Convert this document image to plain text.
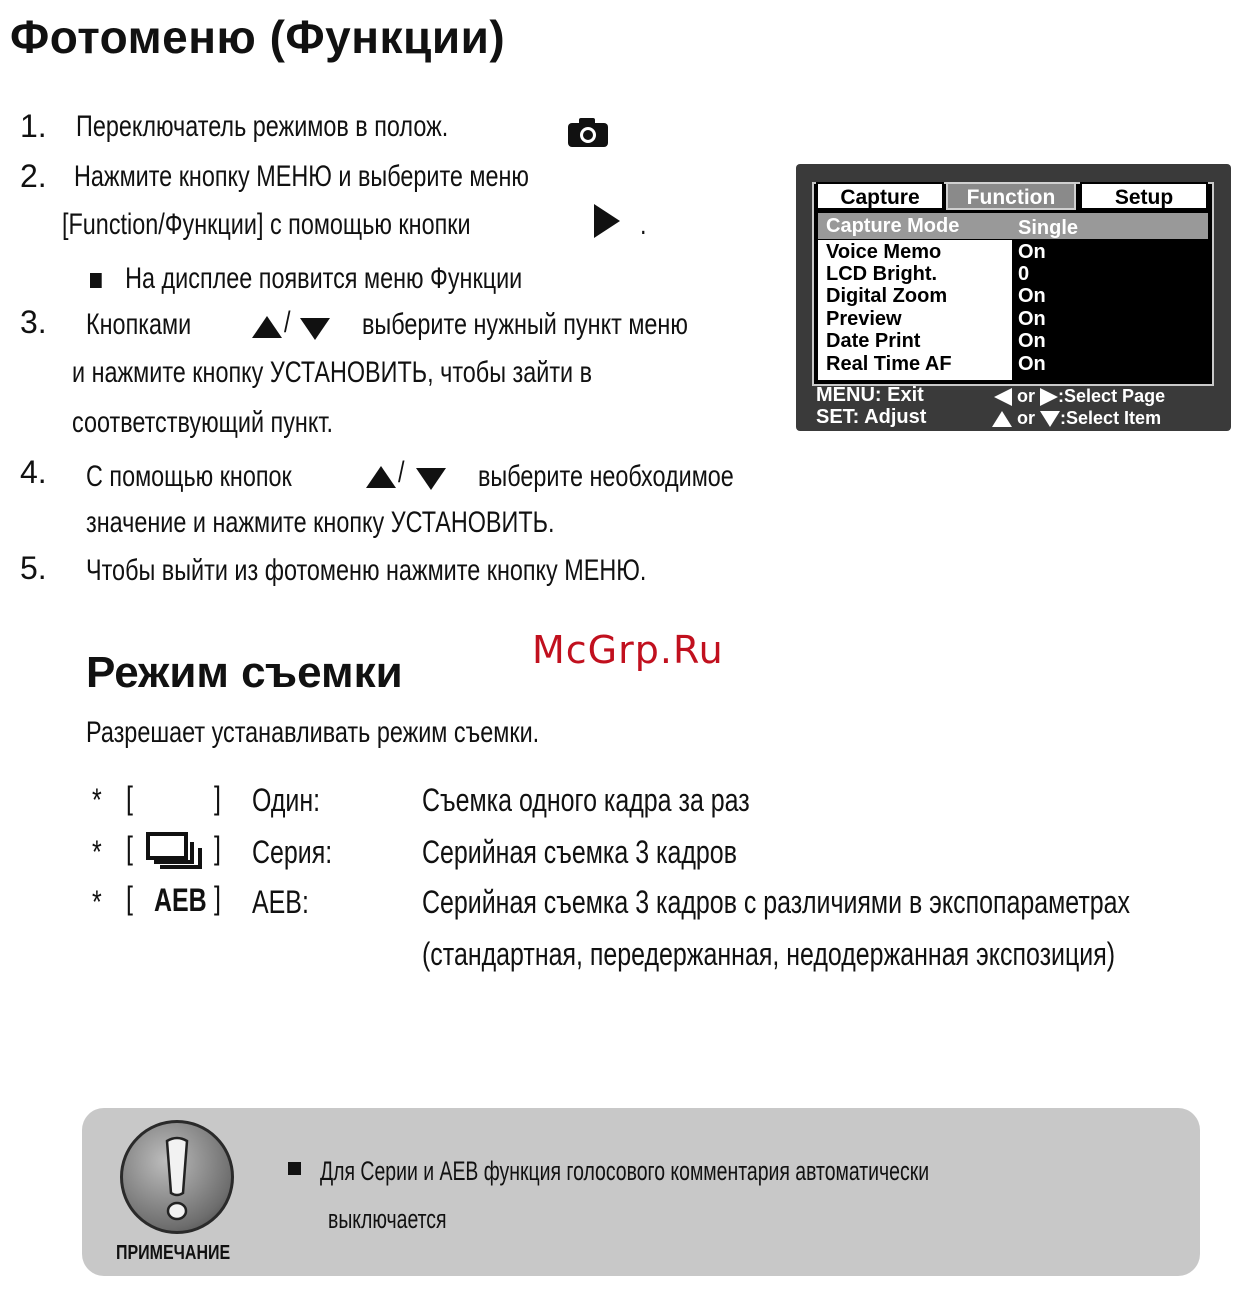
Фотоменю (Функции)
1. Переключатель режимов в полож.
2. Нажмите кнопку МЕНЮ и выберите меню
[Function/Функции] с помощью кнопки	.
На дисплее появится меню Функции
3. Кнопками	/ выберите нужный пункт меню
и нажмите кнопку УСТАНОВИТЬ, чтобы зайти в
соответствующий пункт.
4. С помощью кнопок	/ выберите необходимое
значение и нажмите кнопку УСТАНОВИТЬ.
5. Чтобы выйти из фотоменю нажмите кнопку МЕНЮ.
Capture	Function	Setup
Capture Mode	Single
Voice Memo	On
LCD Bright.	0
Digital Zoom	On
Preview	On
Date Print	On
Real Time AF	On
MENU: Exit
SET: Adjust
or :Select Page
or :Select Item
McGrp.Ru
Режим съемки
Разрешает устанавливать режим съемки.
* [	] Один:	Съемка одного кадра за раз
* [	] Серия:	Серийная съемка 3 кадров
* [ AEB ] AEB:	Серийная съемка 3 кадров с различиями в экспопараметрах
(стандартная, передержанная, недодержанная экспозиция)
ПРИМЕЧАНИЕ
Для Серии и AEB функция голосового комментария автоматически
выключается
